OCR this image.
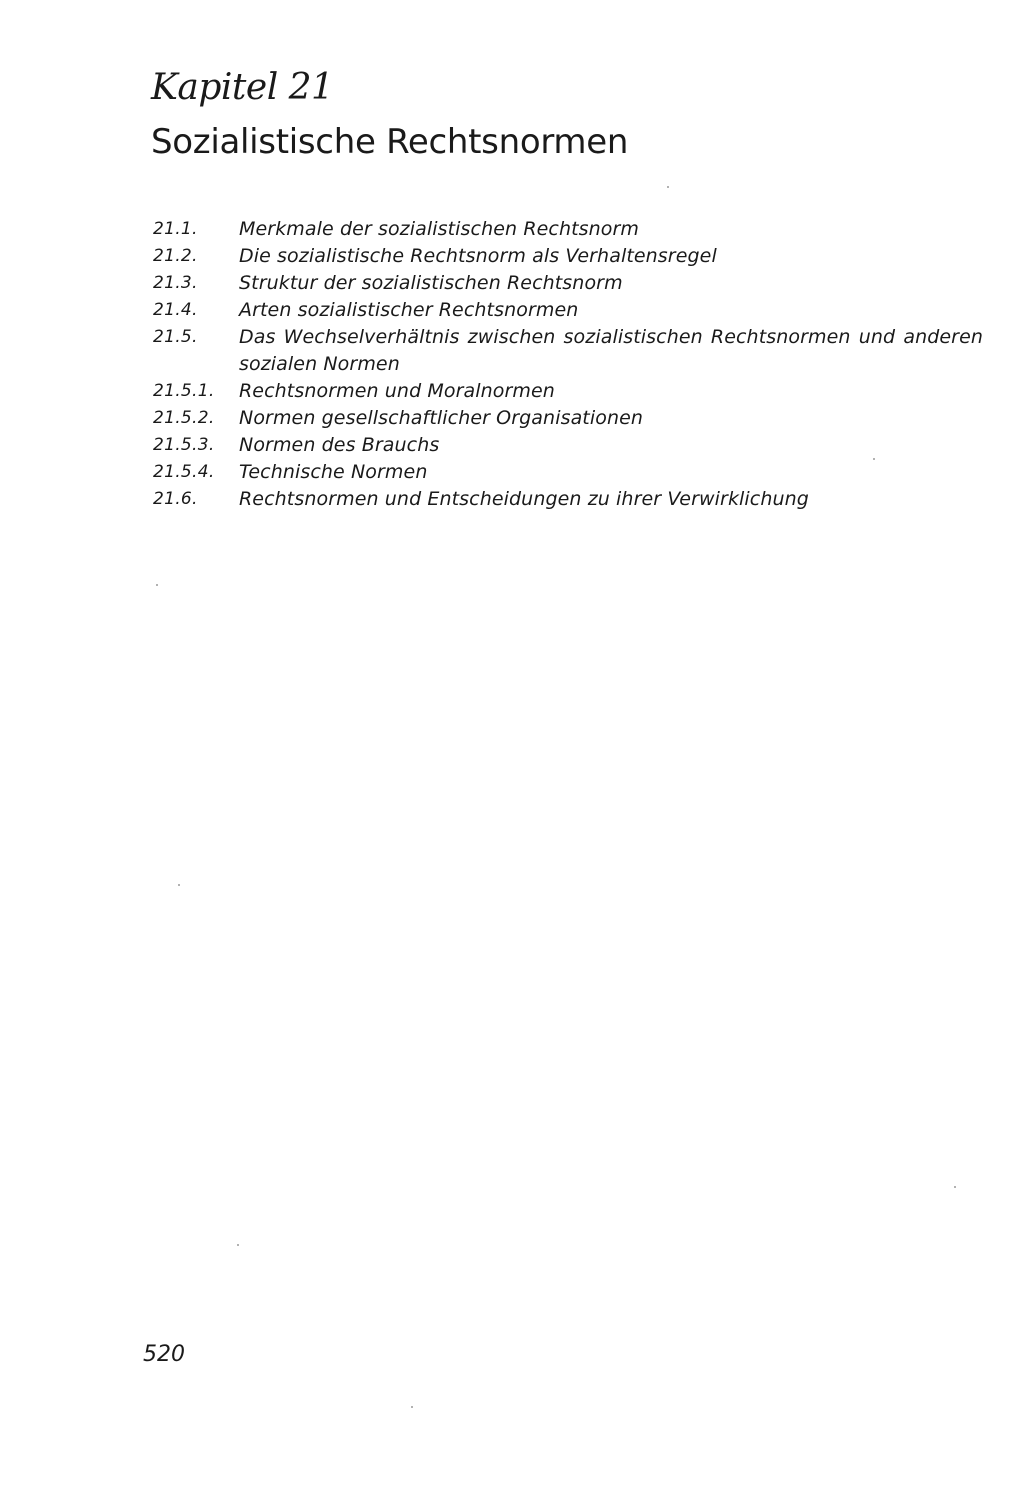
Kapitel 21
Sozialistische Rechtsnormen
21.1.	Merkmale der sozialistischen Rechtsnorm
21.2.	Die sozialistische Rechtsnorm als Verhaltensregel
21.3.	Struktur der sozialistischen Rechtsnorm
21.4.	Arten sozialistischer Rechtsnormen
21.5.	Das Wechselverhältnis zwischen sozialistischen Rechtsnormen und anderen sozialen Normen
21.5.1.	Rechtsnormen und Moralnormen
21.5.2.	Normen gesellschaftlicher Organisationen
21.5.3.	Normen des Brauchs
21.5.4.	Technische Normen
21.6.	Rechtsnormen und Entscheidungen zu ihrer Verwirklichung
520
